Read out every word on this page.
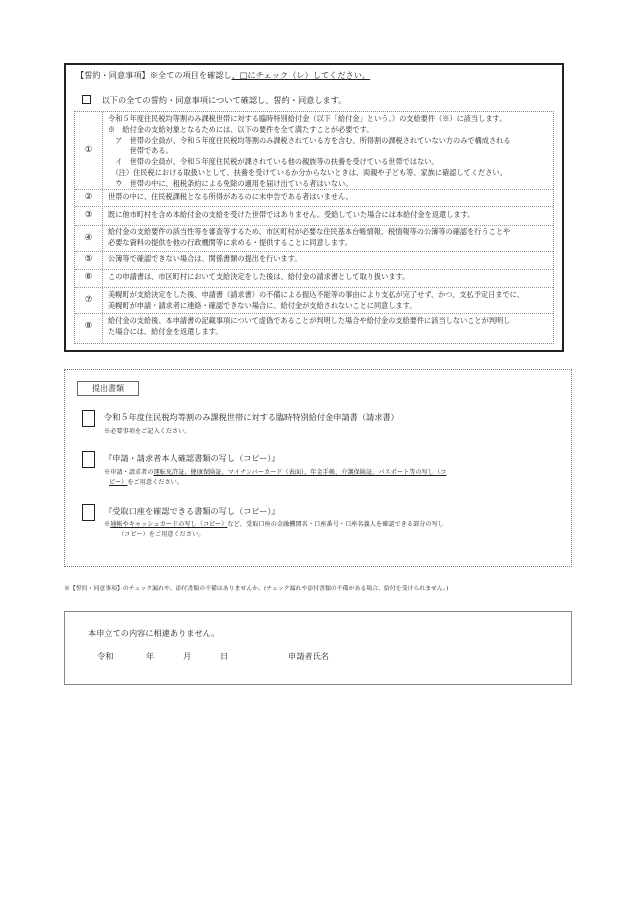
【誓約・同意事項】※全ての項目を確認し、□にチェック（レ）してください。
以下の全ての誓約・同意事項について確認し、誓約・同意します。
①
令和５年度住民税均等割のみ課税世帯に対する臨時特別給付金（以下「給付金」という。）の支給要件（※）に該当します。
※　給付金の支給対象となるためには、以下の要件を全て満たすことが必要です。
　ア　世帯の全員が、令和５年度住民税均等割のみ課税されている方を含む、所得割の課税されていない方のみで構成される
　　　世帯である。
　イ　世帯の全員が、令和５年度住民税が課されている他の親族等の扶養を受けている世帯ではない。
　（注）住民税における取扱いとして、扶養を受けているか分からないときは、両親や子ども等、家族に確認してください。
　ウ　世帯の中に、租税条約による免除の適用を届け出ている者はいない。
②	世帯の中に、住民税課税となる所得があるのに未申告である者はいません。
③	既に他市町村を含め本給付金の支給を受けた世帯ではありません。受給していた場合には本給付金を返還します。
④
給付金の支給要件の該当性等を審査等するため、市区町村が必要な住民基本台帳情報、税情報等の公簿等の確認を行うことや
必要な資料の提供を他の行政機関等に求める・提供することに同意します。
⑤	公簿等で確認できない場合は、関係書類の提出を行います。
⑥	この申請書は、市区町村において支給決定をした後は、給付金の請求書として取り扱います。
⑦
美幌町が支給決定をした後、申請書（請求書）の不備による振込不能等の事由により支払が完了せず、かつ、支払予定日までに、
美幌町が申請・請求者に連絡・確認できない場合に、給付金が支給されないことに同意します。
⑧
給付金の支給後、本申請書の記載事項について虚偽であることが判明した場合や給付金の支給要件に該当しないことが判明し
た場合には、給付金を返還します。
提出書類
令和５年度住民税均等割のみ課税世帯に対する臨時特別給付金申請書（請求書）
※必要事項をご記入ください。
『申請・請求者本人確認書類の写し（コピー）』
※申請・請求者の運転免許証、健康保険証、マイナンバーカード（表面）、年金手帳、介護保険証、パスポート等の写し（コ
ピー）をご用意ください。
『受取口座を確認できる書類の写し（コピー）』
※通帳やキャッシュカードの写し（コピー）など、受取口座の金融機関名・口座番号・口座名義人を確認できる部分の写し
（コピー）をご用意ください。
※【誓約・同意事項】のチェック漏れや、添付書類の不備はありませんか。(チェック漏れや添付書類の不備がある場合、給付を受けられません。)
本申立ての内容に相違ありません。
令和	年	月	日	申請者氏名
